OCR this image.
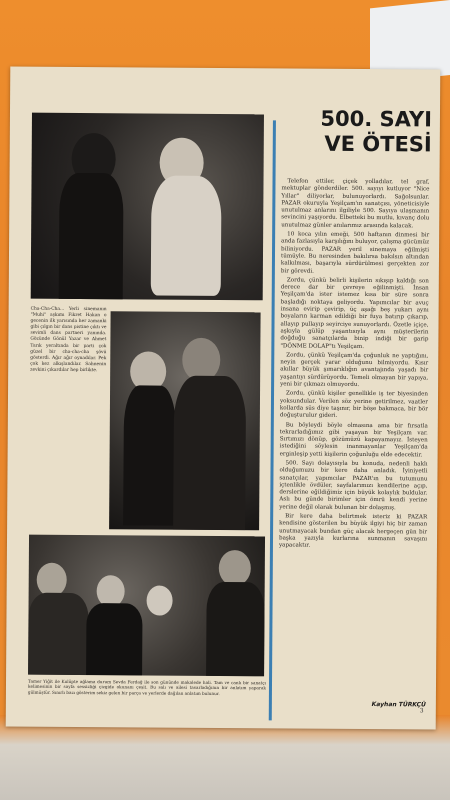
500. SAYI
VE ÖTESİ

Telefon ettiler, çiçek yolladılar, tel graf, mektuplar gönderdiler. 500. sayıyı kutluyor "Nice Yıllar" diliyorlar, bulunuyorlardı. Sağolsunlar. PAZAR okuruyla Yeşilçam'ın sanatçısı, yöneticisiyle unutulmaz anlarını ilgiliyle 500. Sayıya ulaşmanın sevincini yaşıyordu. Elbetteki bu mutlu, kıvanç dolu unutulmaz günler anılarımız arasında kalacak.

10 koca yılın emeği, 500 haftanın dinmesi bir anda fazlasıyla karşılığını buluyor, çalışma gücümüz biliniyordu. PAZAR yeril sinemaya eğilmişti tümüyle. Bu neresinden bakılırsa bakılsın altından kalkılması, başarıyla sürdürülmesi gerçekten zor bir görevdi.

Zordu, çünkü belirli kişilerin sıkışıp kaldığı son derece dar bir çevreye eğilinmişti. İnsan Yeşilçam'da ister istemez kısa bir süre sonra başladığı noktaya geliyordu. Yapımcılar bir avuç insana evirip çevirip, üç aşağı beş yukarı aynı boyaların karman edildiği bir fuya batırıp çıkarıp, allayıp pullayıp seyirciye sunuyorlardı. Özetle içiçe, aşkıyla gülüp yaşantısıyla aynı müşterilerin doğduğu sanatçılarda binip indiği bir garip "DÖNME DOLAP"tı Yeşilçam.

Zordu, çünkü Yeşilçam'da çoğunluk ne yaptığını, neyin gerçek yarar olduğunu bilmiyordu. Kısır akıllar büyük şımarıklığın avantajında yaşadı bir yaşantıyı sürdürüyordu. Temeli olmayan bir yapıya, yeni bir çıkmazı olmuyordu.

Zordu, çünkü kişiler genellikle iş ter biyesinden yoksundular. Verilen söz yerine getirilmez, vaatler kollarda süs diye taşınır, bir böşe bakmaca, bir bör doğuşturulur gideri.

Bu böyleydi böyle olmasına ama bir fırsatla tekrarladığımız gibi yaşayan bir Yeşilçam var. Sırtımızı dönüp, gözümüzü kapayamayız. İsteyen istediğini söylesin inanmayanlar Yeşilçam'da erginleşip yetti kişilerin çoğunluğu elde edecektir.

500. Sayı dolayısıyla bu konuda, nedenli haklı olduğumuzu bir kere daha anladık. İyiniyetli sanatçılar, yapımcılar PAZAR'ın bu tutumunu içtenlikle övdüler, sayfalarımızı kendilerine açıp, derslerine eğildiğimiz için büyük kolaylık buldular. Aslı bu günde birimler için ömrü kendi yerine yerine değil olarak bulunan bir dolaşmış.

Bir kere daha belirtmek isteriz ki PAZAR kendisine gösterilen bu büyük ilgiyi hiç bir zaman unutmayacak bundan güç alacak hergeçen gün bir başka yazıyla kurlarına sunmanın savaşını yapacaktır.

Kayhan TÜRKÇÜ
Cha-Cha-Cha... Yerli sinemanın "Muhi" aşkımı Fikret Hakan o gecenin ilk yarısında her zamanki gibi çılgın bir dans pistine çıktı ve sevimli dans partneri yanında. Gözünde Gönül Yazar ve Ahmet Tarık yeraltında bir parti çok güzel bir cha-cha-cha şövü gösterdi. Ağır ağır oynadılar. Pek çok kez alkışlandılar. Sahnenin zevkini çıkardılar hep birlikte.
Tamer Yiğit ile Kulüpte ağlama durum Sevda Ferdağ ile son gününde makalede hali. Tam ve canlı bir sanatçı kelimesinin bir sayfa sessizliği çizgide okunanı çeşit. Bu salı ve ailesi tasarladığının bir anlatım yaparak gülmüştür. Sınırlı bazı gösterim sekiz gelen bir parça ve yerlerde dağılan anlatım bulunur.
3
